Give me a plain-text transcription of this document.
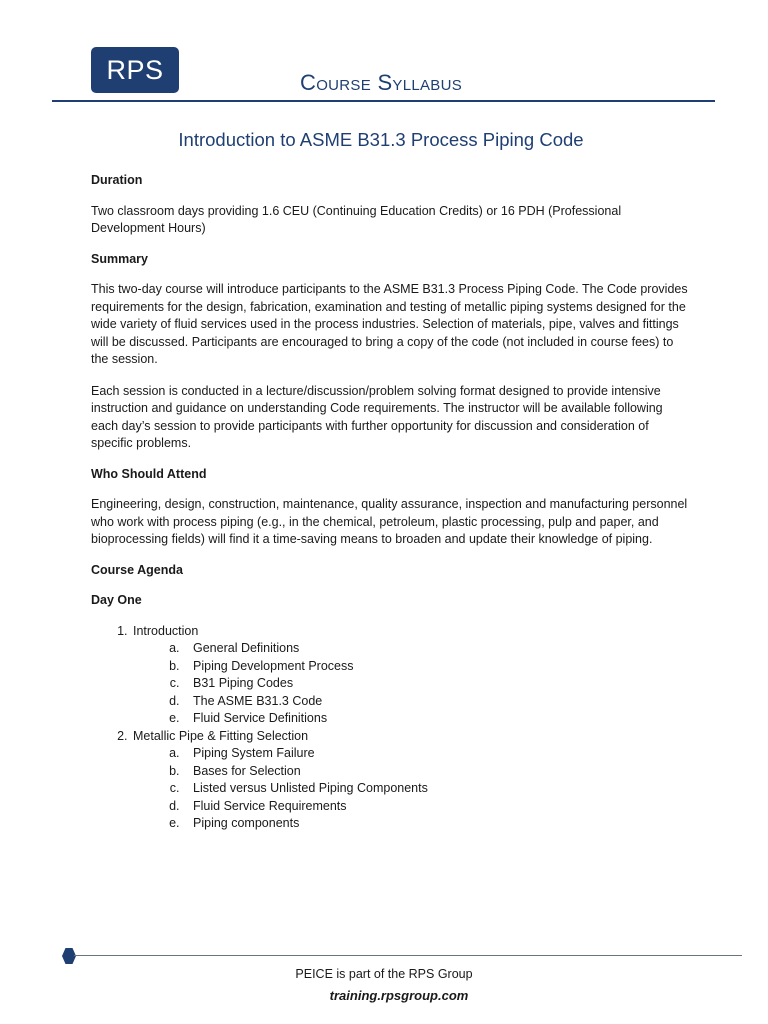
RPS	Course Syllabus
Introduction to ASME B31.3 Process Piping Code
Duration

Two classroom days providing 1.6 CEU (Continuing Education Credits) or 16 PDH (Professional Development Hours)

Summary

This two-day course will introduce participants to the ASME B31.3 Process Piping Code. The Code provides requirements for the design, fabrication, examination and testing of metallic piping systems designed for the wide variety of fluid services used in the process industries. Selection of materials, pipe, valves and fittings will be discussed. Participants are encouraged to bring a copy of the code (not included in course fees) to the session.

Each session is conducted in a lecture/discussion/problem solving format designed to provide intensive instruction and guidance on understanding Code requirements. The instructor will be available following each day’s session to provide participants with further opportunity for discussion and consideration of specific problems.

Who Should Attend

Engineering, design, construction, maintenance, quality assurance, inspection and manufacturing personnel who work with process piping (e.g., in the chemical, petroleum, plastic processing, pulp and paper, and bioprocessing fields) will find it a time-saving means to broaden and update their knowledge of piping.

Course Agenda
Day One
1. Introduction
a. General Definitions
b. Piping Development Process
c. B31 Piping Codes
d. The ASME B31.3 Code
e. Fluid Service Definitions
2. Metallic Pipe & Fitting Selection
a. Piping System Failure
b. Bases for Selection
c. Listed versus Unlisted Piping Components
d. Fluid Service Requirements
e. Piping components
PEICE is part of the RPS Group
training.rpsgroup.com
